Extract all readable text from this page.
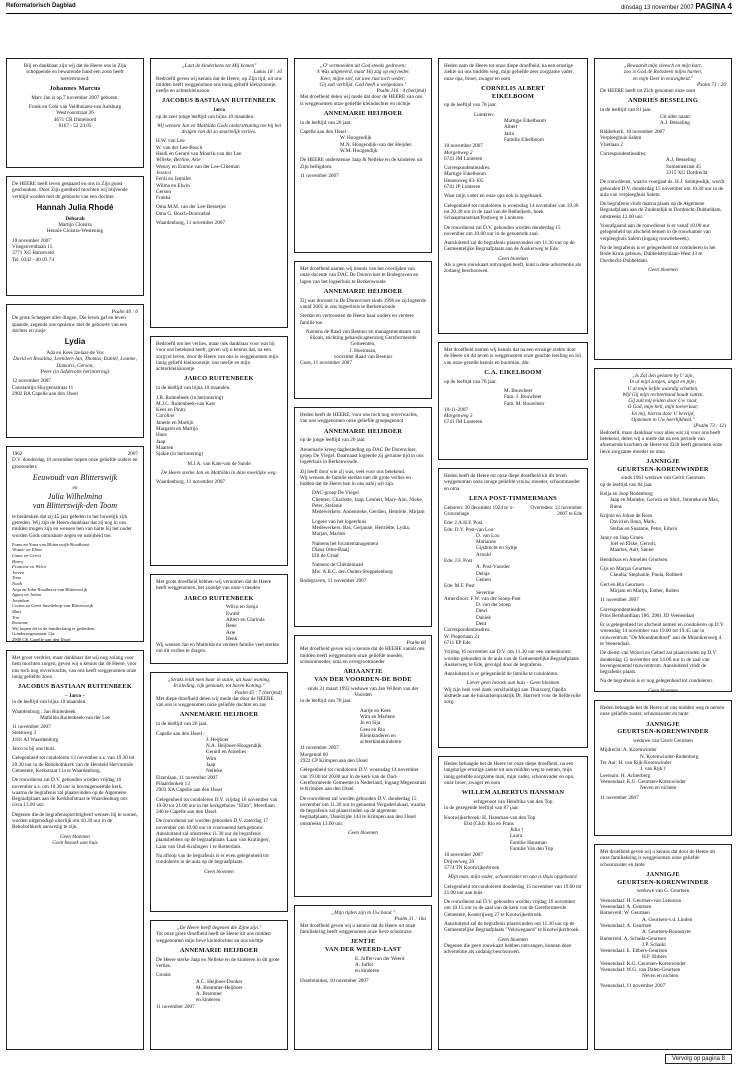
Reformatorisch Dagblad	dinsdag 13 november 2007 PAGINA 4
Blij en dankbaar zijn wij dat de Heere ons in Zijn schoppende en bewarende hand een zoon heeft toevertrouwd:
Johannes Marcus
Marc Jan is op 7 november 2007 geboren.

Frank en Cobi van Veldhuizen-van Aalsburg
Westvoorstraat 26
4671 CR Dinteloord
0167 - 52 24 05
De HEERE heeft leven gespaard en ons in Zijn gunst geschonken. Door Zijn goedheid mochten wij blijvende verblijd worden met de geboorte van een dochter.
Hannah Julia Rhodé
Deborah
Martijn Cloistra
Hennie Cloistra-Westening

10 november 2007
Vliegenveldlaan 15
3771 XG Barneveld
Tel. 0342 - 40 03 74
Psalm 40 : 6
De grote Schepper aller dingen, Die leven gaf en leven spaarde, zegende ons opnieuw met de geboorte van een dochter en zusje
Lydia
Ada en Kees Izelaar-de Vos
David en Rosalina, Leendert-Jan, Thomas, Daniël, Leanne, Damaris, Gerson,
Peter (in liefdevolle herinnering)

12 november 2007
Constantijn Huygensstraat 11
2902 BA Capelle aan den IJssel
1962	2007
D.V. donderdag 10 november hopen onze geliefde ouders en grootouders
Eeuwoudt van Blitterswijk
en
Julia Wilhelmina
van Blitterswijk-den Toom
te herdenken dat zij 45 jaar geleden in het huwelijk zijn getreden. Wij zijn de Heere dankbaar dat zij nog in ons midden mogen zijn en wensen hen van harte bij het ouder worden Gods onmisbare zegen en nabijheid toe.

Frans en Yona van Blitterswijk-Roodhorst
Wouter en Elina
Liana en Gerrit
Harry
Francine en Wilco
Joeren
Timo
Noah
Anja en John Rosdhorst-van Blitterswijk
Agnes en Johan
Jonathan
Corina en Geert Smeltekop-van Blitterswijk
Marc
Tim
Roxanne
Wij hopen dit in de familiekring te gedenken.
Goudenregenstraat 12a
2900 CK Capelle aan den IJssel
Met groot verdriet, maar dankbaar dat wij nog zolang voor hem mochten zorgen, geven wij u kennis dat de Heere, voor ons toch nog onverwachts, van ons heeft weggenomen onze innig geliefde zoon
JACOBUS BASTIAAN RUITENBEEK
– Jarco –
in de leeftijd van bijna 10 maanden.

Waardenburg : Jan Ruitenbeek
Mathilda Ruitenbeek-van der Lee

11 november 2007
Steenweg 3
4181 AJ Waardenburg

Jarco is bij ons thuis.

Gelegenheid tot condoleren 13 november a.s. van 19.30 tot 20.30 uur in de Rehobothkerk van de Hersteld Hervormde Gemeente, Kerkstraat 11a te Waardenburg.

De rouwdienst zal D.V. gehouden worden vrijdag 16 november a.s. om 10.30 uur in bovengenoemde kerk, waarna de begrafenis zal plaatsvinden op de Algemene Begraafplaats aan de Kerkhofstraat te Waardenburg om circa 13.00 uur.

Degenen die de begrafenisplechtigheid wensen bij te wonen, worden uitgenodigd uiterlijk om 10.20 uur in de Rehobothkerk aanwezig te zijn.

Geen bloemen
Geen bezoek aan huis
„Laat de kinderkens tot Mij komen"
Lukas 18 : 16
Bedroefd geven wij kennis dat de Heere, op Zijn tijd, uit ons midden heeft weggenomen ons innig geliefd kleinzoontje, neefje en achterkleinzoon
JACOBUS BASTIAAN RUITENBEEK
Jarco

op de zeer jonge leeftijd van bijna 10 maanden.

Wij wensen Jan en Mathilda Gods ondersteuning toe bij het dragen van dit zo smartelijk verlies.

H.W. van Lee
W. van der Lee-Bosch
Heidi en Gerard van Mourik-van der Lee
Willeke, Bertine, Arie
Wenny en Emmie van der Lee-Cliteman
Jessica
Ferdi en Jennifer
Wilma en Elwin
Gerson
Franka

Oma M.M. van der Lee-Bessetjes
Oma G. Bosch-Doornebal

Waardenburg, 11 november 2007
Bedroefd om het verlies, maar ook dankbaar voor wat hij voor ons betekend heeft, geven wij u kennis dat, na een zorgvol leven, door de Heere van ons is weggenomen mijn innig geliefd kleinzoontje, ons neefje en mijn achterkleinzoontje
JARCO RUITENBEEK

in de leeftijd van bijna 10 maanden.

J.B. Ruitenbeek (in herinnering)
M.J.C. Ruitenbeek-van Kats
Kees en Pinny
Caroline
Janette en Martijn
Margaret en Martijn
Hans
Jaap
Maarten
Sjakie (in herinnering)

M.J.A. van Kats-van de Sande

De Heere sterke Jan en Mathilda in deze moeilijke weg.

Waardenburg, 11 november 2007
Met grote droefheid hebben wij vernomen dat de Heere heeft weggenomen, het zoontje van onze vrienden
JARCO RUITENBEEK
Wilco en Sonja
Ewald
Albert en Clarinda
Rene
Arie
Henk
Wij wensen Jan en Mathilda en verdere familie veel sterkte om dit verlies te dragen.
„Straks leidt men haar in statie, uit haar woning,
In kleding, rijk gemaakt, tot haren Koning."
Psalm 45 : 7 (berijmd)
Met diepe droefheid delen wij mede dat door de HEERE van ons is weggenomen onze geliefde dochter en zus
ANNEMARIE HEIJBOER

in de leeftijd van 20 jaar.

Capelle aan den IJssel :
J. Heijboer
N.A. Heijboer-Hoogendijk
Gerard en Annelies
Wim
Jaap
Nelleke
Elzenlaan, 11 november 2007
Pilaardonken 13
2903 XA Capelle aan den IJssel

Gelegenheid tot condoleren D.V. vrijdag 16 november van 19.00 tot 21.00 uur in het kerkgebouw "Elim", Merellaan 346 te Capelle aan den IJssel.

De rouwdienst zal worden gehouden D.V. zaterdag 17 november om 10.00 uur in voornoemd kerkgebouw. Aansluitend zal omstreeks 11.30 uur de begrafenis plaatshebben op de begraafplaats 'Laan van Kralingen', Laan van Oud-Kralingen 1 te Rotterdam.

Na afloop van de begrafenis is er even gelegenheid tot condoleren in de aula op de begraafplaats.

Geen bloemen
„De Heere heeft degenen die Zijne zijn."
Tot onze grote droefheid heeft de Heere uit ons midden weggenomen mijn lieve kleindochter en ons nichtje
ANNEMARIE HEIJBOER

De Heere sterke Jaap en Nelleke en de kinderen in dit grote verlies.

Gouda:
A.C. Heijboer-Donker
M. Bremmer-Heijboer
A. Bremmer
en kinderen
11 november 2007
„O' vermoeiden uit God steeds gedreven;
'k Was uitgeteerd, maar Hij zag op mij neder.
Keer, mijne ziel, tot uwe rust toch weder;
Gij zult verblijd, God heeft u welgedaan."
Psalm 116 : 4 (berijmd)
Met droefheid delen wij mede dat door de HEERE van ons is weggenomen onze geliefde kleindochter en nichtje
ANNEMARIE HEIJBOER

in de leeftijd van 20 jaar.

Capelle aan den IJssel :
W. Hoogendijk
M.N. Hoogendijk-van der Heijden
W.M. Hoogendijk

De HEERE ondersteune Jaap & Nelleke en de kinderen uit Zijn heiligdom.

11 november 2007
Met droefheid namen wij kennis van het overlijden van onze docente van DAC De Dorenvloer te Bodegraven en lagen van het logeerhuis te Berkenwoude
ANNEMARIE HEIJBOER

Zij was docente in De Dorenvloer sinds 1996 en zij logeerde vanaf 2005 in ons logeerhuis te Berkenwoude.

Sterkte en vertroosten de Heere haar ouders en verdere familie toe.

Namens de Raad van Bestuur en managementteam van Siloah, stichting gehandicaptenzorg Gereformeerde Gemeenten,
J. Hoeimsan,
voorzitter Raad van Bestuur
Goes, 11 november 2007
Heden heeft de HEERE, voor ons toch nog onverwachts, van ons weggenomen onze geliefde groepsgenoot
ANNEMARIE HEIJBOER

op de jonge leeftijd van 20 jaar.

Annemarie kreeg dagbesteding op DAC De Dorenvloer, groep De Vlegel. Daarnaast logeerde zij geruime tijd in ons logeerhuis in Berkenwoude.

Zij heeft door wie zij was, veel voor ons betekend.

Wij wensen de familie sterkte met dit grote verlies en bidden dat de Heere hen in ons nabij wil zijn.

DAC-groep De Vlegel
Clienten: Charlotte, Jaap, Lennert, Mary-Ann, Nieke, Peter, Stefanie

Medewerkers: Annemieke, Gerdien, Henriëte, Mirjam

Logees van het logeerhuis

Medewerkers: Bas, Gerjanne, Henriëtte, Lydia, Marjan, Marlies

Namens het locatiemanagement
Diana Otter-Baaij

Elli de Graaf

Namens de Cliëntenraad

Mw. A.B.C. den Ouden-Stoppelenburg

Bodegraven, 11 november 2007
Psalm 66
Met droefheid geven wij u kennis dat de HEERE vanuit ons midden heeft weggenomen onze geliefde moeder, schoonmoeder, oma en overgrootmoeder
ARIAANTJE
VAN DER VOORDEN-DE BODE
sinds 21 maart 1992 weduwe van Jan Willem van der Voorden

in de leeftijd van 78 jaar.

Aartje en Kees
Wim en Marlene
Jo en Sija
Cees en Ria
Kleinkinderen en achterkleinkinderen
11 november 2007
Morgental 60

2922 CP Krimpen aan den IJssel

Gelegenheid tot condoleren D.V. woensdag 14 november van 19.00 tot 20.00 uur in de kerk van de Oud-Gereformeerde Gemeente in Nederland, Ingang Megenstraat te Krimpen aan den IJssel.

De rouwdienst zal worden gehouden D.V. donderdag 15 november om 11.30 uur in genoemd Vergaderlokaal, waarna de begrafenis zal plaatsvinden op de algemene begraafplaats, IJsselzijde 144 te Krimpen aan den IJssel omstreeks 13.00 uur.

Geen bloemen
„Mijn tijden zijn in Uw hand."
Psalm 31 : 16a
Met droefheid geven wij u kennis dat de Heere uit onze familiekring heeft weggenomen onze lieve schoonzus
JENTJE
VAN DER WEERD-LAST
E. Juffer-van der Weerd
A. Juffer
en kinderen

IJsselmuiden, 10 november 2007
Heden nam de Heere tot onze diepe droefheid, na een ernstige ziekte uit ons midden weg, mijn geliefde zeer zorgzame vader, onze opa, broer, zwager en oom
CORNELIS ALBERT
EIKELBOOM

op de leeftijd van 78 jaar.

Lunteren:
Martigje Eikelboom
Albert
Jarin
Familie Eikelboom
10 november 2007
Morgenweg 2

6741 JM Lunteren

Correspondentieadres:
Martigje Eikelboom
Hessenweg 83-105

6741 JP Lunteren

Waar mijn vader en onze opa ook is opgebaard.

Gelegenheid tot condoleren is woensdag 14 november van 19.30 tot 20.30 uur in de zaal van de Bethelkerk, hoek Schaapmanstraat/Postweg te Lunteren.

De rouwdienst zal D.V. gehouden worden donderdag 15 november om 10.00 uur in de genoemde zaal.

Aansluitend zal de begrafenis plaatsvinden om 11.30 uur op de Gemeentelijke Begraafplaats aan de Auskerweg te Ede.

Geen bloemen
Als u geen rouwkaart ontvangen heeft, kunt u deze advertentie als zodanig beschouwen.
Met droefheid namen wij kennis dat na een ernstige ziekte door de Heere uit dit leven is weggenomen onze geachte leerling en lid van onze gezelle kennis en buurman, dhr.
C.A. EIKELBOOM

op de leeftijd van 78 jaar.

M. Bouwheer
Fam. J. Bouwheer
Fam. M. Bouwheer
10-11-2007
Morgenweg 3
6741 JM Lunteren
Heden heeft de Heere tot onze diepe droefheid uit dit leven weggenomen onze innige geliefde vrouw, moeder, schoonmoeder en oma
LENA POST-TIMMERMANS
Geboren: 30 december 1924 te 's-Gravenhage
Overleden: 12 november 2007 te Ede

Ede: J.A.H.F. Post
Ede: D.Y. Post-van Loo
D. van Loo
Marianne
Gijsbrecht en Syltje
Arnold
Ede: J.F. Post
A. Post-Vuurder
Delaja
Gemen
Ede: M.F. Post
Severine
Amersfoort: F.W. van der Stoep-Post
D. van der Stoep
Dewi
Daniek
Dent
Correspondentieadres:
W. Pieperlaan 21

6711 EP Ede

Vrijdag 16 november zal D.V. om 11.30 uur een samenkomst worden gehouden in de aula van de Gemeentelijke Begraafplaats Auskerweg te Ede, gevolgd door de begrafenis.

Aansluitend is er gelegenheid de familie te condoleren.

Liever geen bezoek aan huis - Geen bloemen
Wij zijn heel veel dank verschuldigd aan Thuiszorg Opella alsmede aan de huisartsenpraktijk Dr. Hartvelt voor de liefdevolle zorg.
Heden behaagde het de Heere tot onze diepe droefheid, na een langdurige ernstige ziekte uit ons midden weg te nemen, mijn innig geliefde zorgzame man, mijn vader, schoonvader en opa, onze broer, zwager en oom
WILLEM ALBERTUS HANSMAN
echtgenoot van Hendrika van den Top

in de gezegende leeftijd van 87 jaar.

Kootwijkerbroek: H. Hansman-van den Top
Elst (Gld): Rin en Frans
Julia †
Laura
Familie Hansman
Familie Van den Top
10 november 2007
Drijverweg 39

3774 TN Kootwijkerbroek

Mijn man, mijn vader, schoonvader en opa is thuis opgebaard.

Gelegenheid tot condoleren donderdag 15 november van 19.00 tot 21.00 uur aan huis.

De rouwdienst zal D.V. gehouden worden vrijdag 16 november om 10.15 uur in de zaal van de kerk van de Gereformeerde Gemeente, Kosterijweg 27 te Kootwijkerbroek.

Aansluitend zal de begrafenis plaatsvinden om 11.30 uur op de Gemeentelijke Begraafplaats "Veluwegaard" te Kootwijkerbroek.

Geen bloemen
Degenen die geen rouwkaart hebben ontvangen, kunnen deze advertentie als zodanig beschouwen.
„Bewaardt mijn vleesch en mijn hart,
zoo is God de Rotssteen mijns harten,
en mijn Deel in eeuwigheid."
Psalm 73 : 26
De HEERE heeft tot Zich genomen onze oom
ANDRIES BESSELING
in de leeftijd van 81 jaar.
Uit aller naam:

A.J. Besseling

Ridderkerk, 10 november 2007
Verpleeghuis Salem

Vlietlaan 2

Correspondentieadres:
A.J. Besseling
Sumatrastraat 45

3315 XG Dordrecht

De rouwdienst, waarin voorgaat ds. H.J. Stoutjesdijk, wordt gehouden D.V. donderdag 15 november om 10.30 uur in de aula van verpleeghuis Salem.

De begrafenis vindt daarna plaats op de Algemene Begraafplaats aan de Zuidendijk te Dordrecht-Dubbeldam, omstreeks 12.00 uur.

Voorafgaand aan de rouwdienst is er vanaf 10.00 uur gelegenheid tot afscheid nemen in de rouwkamer van verpleeghuis Salem (ingang rouwbeheeek).

Na de begrafenis is er gelegenheid tot condoleren in het Bode Kruis gebouw, Dubbelsteynlaan-West 43 te Dordrecht-Dubbeldam.

Geen bloemen
„Is Zal den gelaten by U zijn,
In al mijn zorgen, angst en pijn;
U al mijn liefde waardig schatten,
Wijl Gij mijn rechterhand houdt vatten.
Gij zult mij leiden door Uw raad,
O God, mijn heil, mijn toeverlaat;
En mij, hierna door U bevrijd,
Opnemen in Uw heerlijkheid."
(Psalm 73 : 12)
Bedroefd, maar dankbaar voor alles wat zij voor ons heeft betekend, delen wij u mede dat na een periode van afnemende krachten de Heere tot Zich heeft genomen onze lieve zorgzame moeder en oma
JANNIGJE
GEURTSEN-KORENWINDER
sinds 1961 weduwe van Gerrit Geurtsen

op de leeftijd van 84 jaar.

Kelja en Joop Rodenburg

Jaap en Marieke, Gerwin en Shirt, Jimmeke en Max, Riens

Krijnie en Johan de Roos
David en Ilona, Mark,

Stefan en Susanne, Peter, Edwin

Janny en Jaap Groen
Joel en Elske, Gerrolt,

Maartes, Aart, Sanne

Hendrikus en Annelies Geurtsen

Gijs en Marjan Geurtsen

Claudia, Stephanie, Paula, Robbert

Gert en Bia Geurtsen

Mirjam en Marijn, Esther, Ruben

11 november 2007

Correspondentieadres:

Prins Bernhardlaan 186, 2901 JD Veenendaal

Er is gelegenheid tot afscheid nemen en condoleren op D.V. woensdag 14 november van 19.00 tot 19.45 uur in rouwcentrum "De Mountheidtoef" aan de Munnikenweg 4 te Veenendaal.

De dienst van Woord en Gebed zal plaatsvinden op D.V. donderdag 15 november om 14.00 uur in de zaal van bovengenoemd rouwcentrum. Aansluitend vindt de begrafenis plaats.

Na de begrafenis is er nog gelegenheid tot condoleren.

Geen bloemen
Heden behaagde het de Heere uit ons midden weg te nemen onze geliefde zuster, schoonzuster en tante
JANNIGJE
GEURTSEN-KORENWINDER

weduwe van Gerrit Geurtsen

Mijdrecht: A. Korenwinder
N. Korenwinder-Rodenburg
Ter Aar: H. van Rijk-Korenwinder
J. van Rijk †
Leersum: H. Achterberg
Veenendaal: K.G. Geurtsen-Korenwinder

Neven en nichten

11 november 2007
Met droefheid geven wij u kennis dat door de Heere uit onze familiekring is weggenomen onze geliefde schoonzuster en tante
JANNIGJE
GEURTSEN-KORENWINDER

weduwe van G. Geurtsen

Veenendaal: H. Geurtsen-van Leeuwen
Veenendaal: A. Geurtsen
Barneveld: W. Geurtsen
A. Geurtsen-v.d. Linden
Veenendaal: A. Geurtsen
A. Geurtsen-Boonsayer
Barneveld: A. Schaikt-Geurtsen
J.P. Schaikt
Veenendaal: E. Ebbers-Geurtsen
H.F. Ebbers
Veenendaal: K.G. Geurtsen-Korenwinder
Veenendaal: W.G. van Dalen-Geurtsen

Neven en nichten

Veenendaal, 11 november 2007
Vervolg op pagina 8
